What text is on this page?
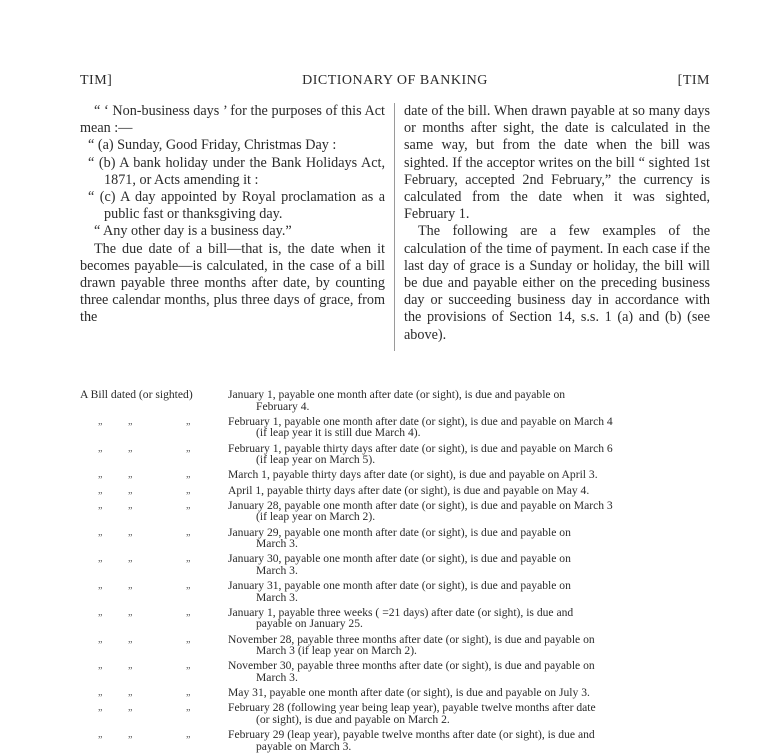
TIM]	DICTIONARY OF BANKING	[TIM

“ ‘ Non-business days ’ for the purposes of this Act mean :—

“ (a) Sunday, Good Friday, Christmas Day :

“ (b) A bank holiday under the Bank Holidays Act, 1871, or Acts amending it :

“ (c) A day appointed by Royal proclamation as a public fast or thanksgiving day.

“ Any other day is a business day.”

The due date of a bill—that is, the date when it becomes payable—is calculated, in the case of a bill drawn payable three months after date, by counting three calendar months, plus three days of grace, from the

date of the bill. When drawn payable at so many days or months after sight, the date is calculated in the same way, but from the date when the bill was sighted. If the acceptor writes on the bill “ sighted 1st February, accepted 2nd February,” the currency is calculated from the date when it was sighted, February 1.

The following are a few examples of the calculation of the time of payment. In each case if the last day of grace is a Sunday or holiday, the bill will be due and payable either on the preceding business day or succeeding business day in accordance with the provisions of Section 14, s.s. 1 (a) and (b) (see above).

A Bill dated (or sighted)	January 1, payable one month after date (or sight), is due and payable on
February 4.
„	„	„	February 1, payable one month after date (or sight), is due and payable on March 4
(if leap year it is still due March 4).
„	„	„	February 1, payable thirty days after date (or sight), is due and payable on March 6
(if leap year on March 5).
„	„	„	March 1, payable thirty days after date (or sight), is due and payable on April 3.
„	„	„	April 1, payable thirty days after date (or sight), is due and payable on May 4.
„	„	„	January 28, payable one month after date (or sight), is due and payable on March 3
(if leap year on March 2).
„	„	„	January 29, payable one month after date (or sight), is due and payable on
March 3.
„	„	„	January 30, payable one month after date (or sight), is due and payable on
March 3.
„	„	„	January 31, payable one month after date (or sight), is due and payable on
March 3.
„	„	„	January 1, payable three weeks ( =21 days) after date (or sight), is due and
payable on January 25.
„	„	„	November 28, payable three months after date (or sight), is due and payable on
March 3 (if leap year on March 2).
„	„	„	November 30, payable three months after date (or sight), is due and payable on
March 3.
„	„	„	May 31, payable one month after date (or sight), is due and payable on July 3.
„	„	„	February 28 (following year being leap year), payable twelve months after date
(or sight), is due and payable on March 2.
„	„	„	February 29 (leap year), payable twelve months after date (or sight), is due and
payable on March 3.
